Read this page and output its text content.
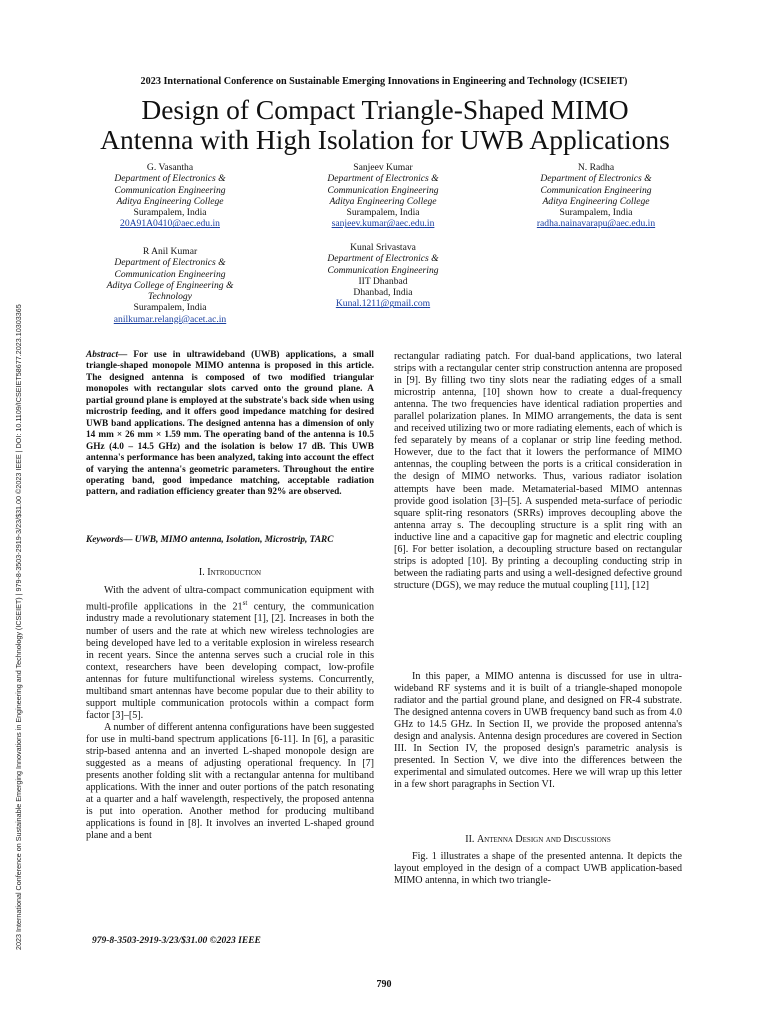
2023 International Conference on Sustainable Emerging Innovations in Engineering and Technology (ICSEIET) | 979-8-3503-2919-3/23/$31.00 ©2023 IEEE | DOI: 10.1109/ICSEIET58677.2023.10303365
2023 International Conference on Sustainable Emerging Innovations in Engineering and Technology (ICSEIET)
Design of Compact Triangle-Shaped MIMO
Antenna with High Isolation for UWB Applications
G. Vasantha
Department of Electronics &
Communication Engineering
Aditya Engineering College
Surampalem, India
20A91A0410@aec.edu.in
Sanjeev Kumar
Department of Electronics &
Communication Engineering
Aditya Engineering College
Surampalem, India
sanjeev.kumar@aec.edu.in
N. Radha
Department of Electronics &
Communication Engineering
Aditya Engineering College
Surampalem, India
radha.nainavarapu@aec.edu.in
R Anil Kumar
Department of Electronics &
Communication Engineering
Aditya College of Engineering &
Technology
Surampalem, India
anilkumar.relangi@acet.ac.in
Kunal Srivastava
Department of Electronics &
Communication Engineering
IIT Dhanbad
Dhanbad, India
Kunal.1211@gmail.com
Abstract— For use in ultrawideband (UWB) applications, a small triangle-shaped monopole MIMO antenna is proposed in this article. The designed antenna is composed of two modified triangular monopoles with rectangular slots carved onto the ground plane. A partial ground plane is employed at the substrate's back side when using microstrip feeding, and it offers good impedance matching for desired UWB band applications. The designed antenna has a dimension of only 14 mm × 26 mm × 1.59 mm. The operating band of the antenna is 10.5 GHz (4.0 – 14.5 GHz) and the isolation is below 17 dB. This UWB antenna's performance has been analyzed, taking into account the effect of varying the antenna's geometric parameters. Throughout the entire operating band, good impedance matching, acceptable radiation pattern, and radiation efficiency greater than 92% are observed.
Keywords— UWB, MIMO antenna, Isolation, Microstrip, TARC
I. Introduction

With the advent of ultra-compact communication equipment with multi-profile applications in the 21st century, the communication industry made a revolutionary statement [1], [2]. Increases in both the number of users and the rate at which new wireless technologies are being developed have led to a veritable explosion in wireless research in recent years. Since the antenna serves such a crucial role in this context, researchers have been developing compact, low-profile antennas for future multifunctional wireless systems. Concurrently, multiband smart antennas have become popular due to their ability to support multiple communication protocols within a compact form factor [3]–[5].

A number of different antenna configurations have been suggested for use in multi-band spectrum applications [6-11]. In [6], a parasitic strip-based antenna and an inverted L-shaped monopole design are suggested as a means of adjusting operational frequency. In [7] presents another folding slit with a rectangular antenna for multiband applications. With the inner and outer portions of the patch resonating at a quarter and a half wavelength, respectively, the proposed antenna is put into operation. Another method for producing multiband applications is found in [8]. It involves an inverted L-shaped ground plane and a bent

rectangular radiating patch. For dual-band applications, two lateral strips with a rectangular center strip construction antenna are proposed in [9]. By filling two tiny slots near the radiating edges of a small microstrip antenna, [10] shown how to create a dual-frequency antenna. The two frequencies have identical radiation properties and parallel polarization planes. In MIMO arrangements, the data is sent and received utilizing two or more radiating elements, each of which is fed separately by means of a coplanar or strip line feeding method. However, due to the fact that it lowers the performance of MIMO antennas, the coupling between the ports is a critical consideration in the design of MIMO networks. Thus, various radiator isolation attempts have been made. Metamaterial-based MIMO antennas provide good isolation [3]–[5]. A suspended meta-surface of periodic square split-ring resonators (SRRs) improves decoupling above the antenna array s. The decoupling structure is a split ring with an inductive line and a capacitive gap for magnetic and electric coupling [6]. For better isolation, a decoupling structure based on rectangular strips is adopted [10]. By printing a decoupling conducting strip in between the radiating parts and using a well-designed defective ground structure (DGS), we may reduce the mutual coupling [11], [12]

In this paper, a MIMO antenna is discussed for use in ultra-wideband RF systems and it is built of a triangle-shaped monopole radiator and the partial ground plane, and designed on FR-4 substrate. The designed antenna covers in UWB frequency band such as from 4.0 GHz to 14.5 GHz. In Section II, we provide the proposed antenna's design and analysis. Antenna design procedures are covered in Section III. In Section IV, the proposed design's parametric analysis is presented. In Section V, we dive into the differences between the experimental and simulated outcomes. Here we will wrap up this letter in a few short paragraphs in Section VI.

II. Antenna Design and Discussions

Fig. 1 illustrates a shape of the presented antenna. It depicts the layout employed in the design of a compact UWB application-based MIMO antenna, in which two triangle-

979-8-3503-2919-3/23/$31.00 ©2023 IEEE
790
